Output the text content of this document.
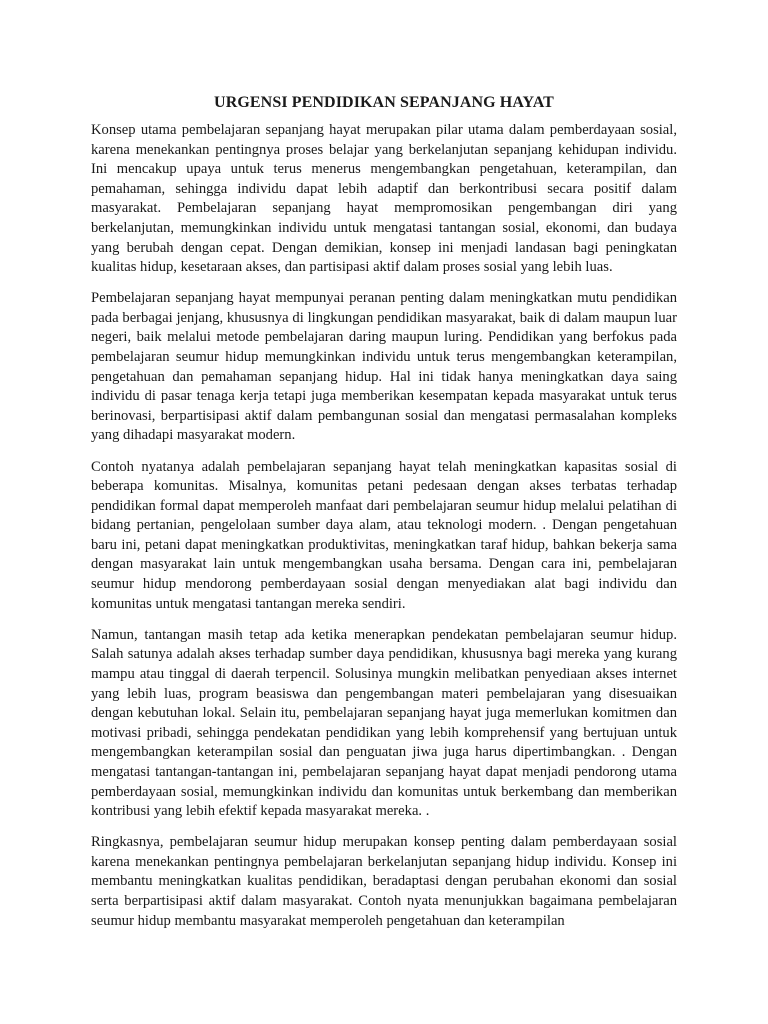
URGENSI PENDIDIKAN SEPANJANG HAYAT

Konsep utama pembelajaran sepanjang hayat merupakan pilar utama dalam pemberdayaan sosial, karena menekankan pentingnya proses belajar yang berkelanjutan sepanjang kehidupan individu. Ini mencakup upaya untuk terus menerus mengembangkan pengetahuan, keterampilan, dan pemahaman, sehingga individu dapat lebih adaptif dan berkontribusi secara positif dalam masyarakat. Pembelajaran sepanjang hayat mempromosikan pengembangan diri yang berkelanjutan, memungkinkan individu untuk mengatasi tantangan sosial, ekonomi, dan budaya yang berubah dengan cepat. Dengan demikian, konsep ini menjadi landasan bagi peningkatan kualitas hidup, kesetaraan akses, dan partisipasi aktif dalam proses sosial yang lebih luas.

Pembelajaran sepanjang hayat mempunyai peranan penting dalam meningkatkan mutu pendidikan pada berbagai jenjang, khususnya di lingkungan pendidikan masyarakat, baik di dalam maupun luar negeri, baik melalui metode pembelajaran daring maupun luring. Pendidikan yang berfokus pada pembelajaran seumur hidup memungkinkan individu untuk terus mengembangkan keterampilan, pengetahuan dan pemahaman sepanjang hidup. Hal ini tidak hanya meningkatkan daya saing individu di pasar tenaga kerja tetapi juga memberikan kesempatan kepada masyarakat untuk terus berinovasi, berpartisipasi aktif dalam pembangunan sosial dan mengatasi permasalahan kompleks yang dihadapi masyarakat modern.

Contoh nyatanya adalah pembelajaran sepanjang hayat telah meningkatkan kapasitas sosial di beberapa komunitas. Misalnya, komunitas petani pedesaan dengan akses terbatas terhadap pendidikan formal dapat memperoleh manfaat dari pembelajaran seumur hidup melalui pelatihan di bidang pertanian, pengelolaan sumber daya alam, atau teknologi modern. . Dengan pengetahuan baru ini, petani dapat meningkatkan produktivitas, meningkatkan taraf hidup, bahkan bekerja sama dengan masyarakat lain untuk mengembangkan usaha bersama. Dengan cara ini, pembelajaran seumur hidup mendorong pemberdayaan sosial dengan menyediakan alat bagi individu dan komunitas untuk mengatasi tantangan mereka sendiri.

Namun, tantangan masih tetap ada ketika menerapkan pendekatan pembelajaran seumur hidup. Salah satunya adalah akses terhadap sumber daya pendidikan, khususnya bagi mereka yang kurang mampu atau tinggal di daerah terpencil. Solusinya mungkin melibatkan penyediaan akses internet yang lebih luas, program beasiswa dan pengembangan materi pembelajaran yang disesuaikan dengan kebutuhan lokal. Selain itu, pembelajaran sepanjang hayat juga memerlukan komitmen dan motivasi pribadi, sehingga pendekatan pendidikan yang lebih komprehensif yang bertujuan untuk mengembangkan keterampilan sosial dan penguatan jiwa juga harus dipertimbangkan. . Dengan mengatasi tantangan-tantangan ini, pembelajaran sepanjang hayat dapat menjadi pendorong utama pemberdayaan sosial, memungkinkan individu dan komunitas untuk berkembang dan memberikan kontribusi yang lebih efektif kepada masyarakat mereka. .

Ringkasnya, pembelajaran seumur hidup merupakan konsep penting dalam pemberdayaan sosial karena menekankan pentingnya pembelajaran berkelanjutan sepanjang hidup individu. Konsep ini membantu meningkatkan kualitas pendidikan, beradaptasi dengan perubahan ekonomi dan sosial serta berpartisipasi aktif dalam masyarakat. Contoh nyata menunjukkan bagaimana pembelajaran seumur hidup membantu masyarakat memperoleh pengetahuan dan keterampilan
